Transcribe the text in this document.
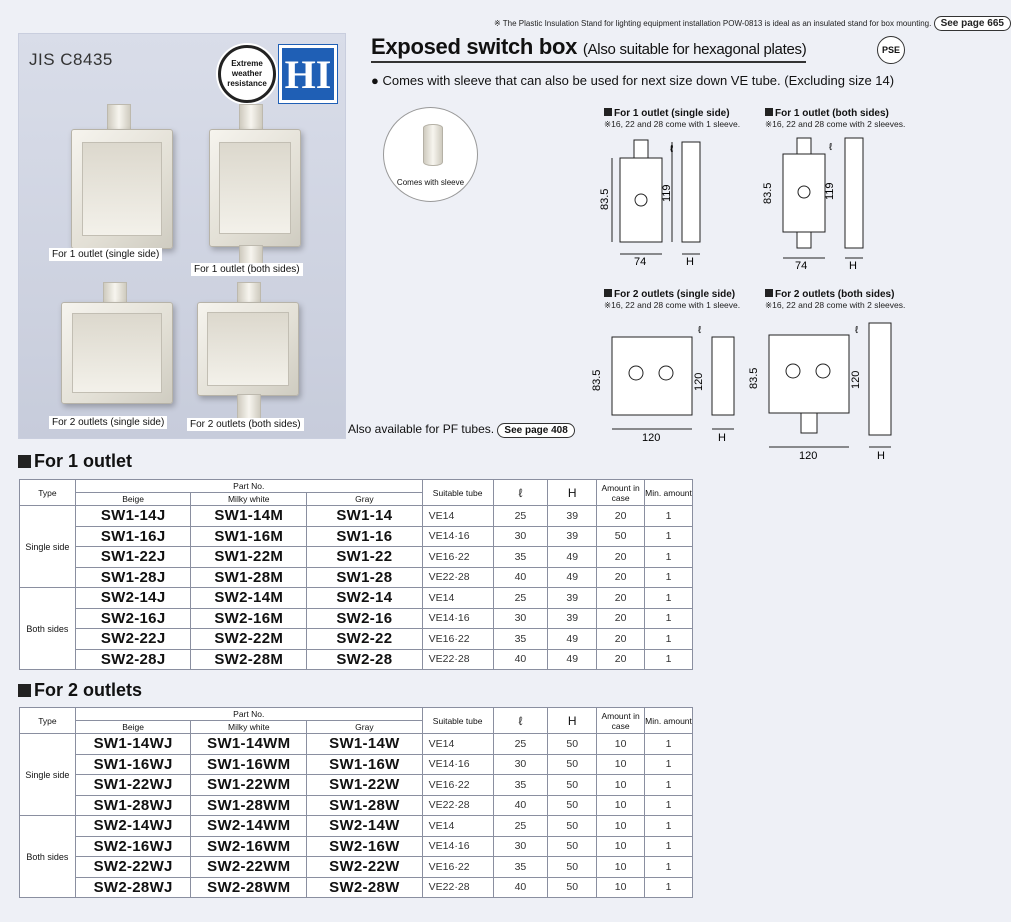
※ The Plastic Insulation Stand for lighting equipment installation POW-0813 is ideal as an insulated stand for box mounting. See page 665
JIS C8435	Extreme
weather
resistance HI
For 1 outlet (single side)
For 1 outlet (both sides)
For 2 outlets (single side)	For 2 outlets (both sides)
Exposed switch box (Also suitable for hexagonal plates)	PSE
● Comes with sleeve that can also be used for next size down VE tube. (Excluding size 14)
Comes with sleeve
For 1 outlet (single side)
※16, 22 and 28 come with 1 sleeve.
74	H
83.5	119
ℓ
For 1 outlet (both sides)
※16, 22 and 28 come with 2 sleeves.
74	H
83.5	119
ℓ
For 2 outlets (single side)
※16, 22 and 28 come with 1 sleeve.
120	H
83.5	120
ℓ
For 2 outlets (both sides)
※16, 22 and 28 come with 2 sleeves.
120	H
83.5	120
ℓ
Also available for PF tubes. See page 408
For 1 outlet
Type	Part No.			Suitable tube	ℓ	H	Amount in case	Min. amount
	Beige	Milky white	Gray					
Single side	SW1-14J	SW1-14M	SW1-14	VE14	25	39	20	1
	SW1-16J	SW1-16M	SW1-16	VE14·16	30	39	50	1
	SW1-22J	SW1-22M	SW1-22	VE16·22	35	49	20	1
	SW1-28J	SW1-28M	SW1-28	VE22·28	40	49	20	1
Both sides	SW2-14J	SW2-14M	SW2-14	VE14	25	39	20	1
	SW2-16J	SW2-16M	SW2-16	VE14·16	30	39	20	1
	SW2-22J	SW2-22M	SW2-22	VE16·22	35	49	20	1
	SW2-28J	SW2-28M	SW2-28	VE22·28	40	49	20	1
For 2 outlets
Type	Part No.			Suitable tube	ℓ	H	Amount in case	Min. amount
	Beige	Milky white	Gray					
Single side	SW1-14WJ	SW1-14WM	SW1-14W	VE14	25	50	10	1
	SW1-16WJ	SW1-16WM	SW1-16W	VE14·16	30	50	10	1
	SW1-22WJ	SW1-22WM	SW1-22W	VE16·22	35	50	10	1
	SW1-28WJ	SW1-28WM	SW1-28W	VE22·28	40	50	10	1
Both sides	SW2-14WJ	SW2-14WM	SW2-14W	VE14	25	50	10	1
	SW2-16WJ	SW2-16WM	SW2-16W	VE14·16	30	50	10	1
	SW2-22WJ	SW2-22WM	SW2-22W	VE16·22	35	50	10	1
	SW2-28WJ	SW2-28WM	SW2-28W	VE22·28	40	50	10	1
